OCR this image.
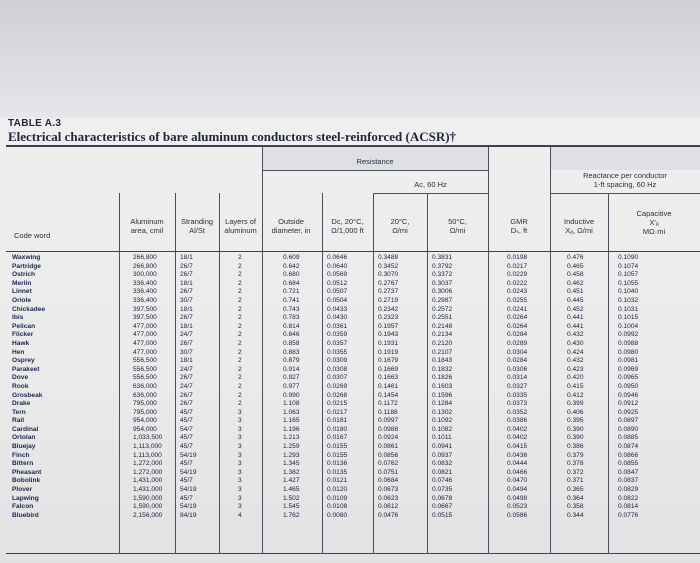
TABLE A.3
Electrical characteristics of bare aluminum conductors steel-reinforced (ACSR)†
Resistance
Ac, 60 Hz
Reactance per conductor
1-ft spacing, 60 Hz
Code word
Aluminum
area, cmil
Stranding
Al/St
Layers of
aluminum
Outside
diameter, in
Dc, 20°C,
Ω/1,000 ft
20°C,
Ω/mi
50°C,
Ω/mi
GMR
Dₛ, ft
Inductive
Xₐ, Ω/mi
Capacitive
X′ₐ
MΩ·mi
Waxwing
Partridge
Ostrich
Merlin
Linnet
Oriole
Chickadee
Ibis
Pelican
Flicker
Hawk
Hen
Osprey
Parakeet
Dove
Rook
Grosbeak
Drake
Tern
Rail
Cardinal
Ortolan
Bluejay
Finch
Bittern
Pheasant
Bobolink
Plover
Lapwing
Falcon
Bluebird
266,800
266,800
300,000
336,400
336,400
336,400
397,500
397,500
477,000
477,000
477,000
477,000
556,500
556,500
556,500
636,000
636,000
795,000
795,000
954,000
954,000
1,033,500
1,113,000
1,113,000
1,272,000
1,272,000
1,431,000
1,431,000
1,590,000
1,590,000
2,156,000
18/1
26/7
26/7
18/1
26/7
30/7
18/1
26/7
18/1
24/7
26/7
30/7
18/1
24/7
26/7
24/7
26/7
26/7
45/7
45/7
54/7
45/7
45/7
54/19
45/7
54/19
45/7
54/19
45/7
54/19
84/19
2
2
2
2
2
2
2
2
2
2
2
2
2
2
2
2
2
2
3
3
3
3
3
3
3
3
3
3
3
3
4
0.609
0.642
0.680
0.684
0.721
0.741
0.743
0.783
0.814
0.846
0.858
0.883
0.879
0.914
0.927
0.977
0.990
1.108
1.063
1.165
1.196
1.213
1.259
1.293
1.345
1.382
1.427
1.465
1.502
1.545
1.762
0.0646
0.0640
0.0569
0.0512
0.0507
0.0504
0.0433
0.0430
0.0361
0.0359
0.0357
0.0355
0.0309
0.0308
0.0307
0.0269
0.0268
0.0215
0.0217
0.0181
0.0180
0.0167
0.0155
0.0155
0.0136
0.0135
0.0121
0.0120
0.0109
0.0108
0.0080
0.3488
0.3452
0.3070
0.2767
0.2737
0.2719
0.2342
0.2323
0.1957
0.1943
0.1931
0.1919
0.1679
0.1669
0.1663
0.1461
0.1454
0.1172
0.1188
0.0997
0.0988
0.0924
0.0861
0.0856
0.0762
0.0751
0.0684
0.0673
0.0623
0.0612
0.0476
0.3831
0.3792
0.3372
0.3037
0.3006
0.2987
0.2572
0.2551
0.2148
0.2134
0.2120
0.2107
0.1843
0.1832
0.1826
0.1603
0.1596
0.1284
0.1302
0.1092
0.1082
0.1011
0.0941
0.0937
0.0832
0.0821
0.0746
0.0735
0.0678
0.0667
0.0515
0.0198
0.0217
0.0229
0.0222
0.0243
0.0255
0.0241
0.0264
0.0264
0.0284
0.0289
0.0304
0.0284
0.0306
0.0314
0.0327
0.0335
0.0373
0.0352
0.0386
0.0402
0.0402
0.0415
0.0436
0.0444
0.0466
0.0470
0.0494
0.0498
0.0523
0.0586
0.476
0.465
0.458
0.462
0.451
0.445
0.452
0.441
0.441
0.432
0.430
0.424
0.432
0.423
0.420
0.415
0.412
0.399
0.406
0.395
0.390
0.390
0.386
0.379
0.378
0.372
0.371
0.365
0.364
0.358
0.344
0.1090
0.1074
0.1057
0.1055
0.1040
0.1032
0.1031
0.1015
0.1004
0.0992
0.0988
0.0980
0.0981
0.0969
0.0965
0.0950
0.0946
0.0912
0.0925
0.0897
0.0890
0.0885
0.0874
0.0866
0.0855
0.0847
0.0837
0.0829
0.0822
0.0814
0.0776
